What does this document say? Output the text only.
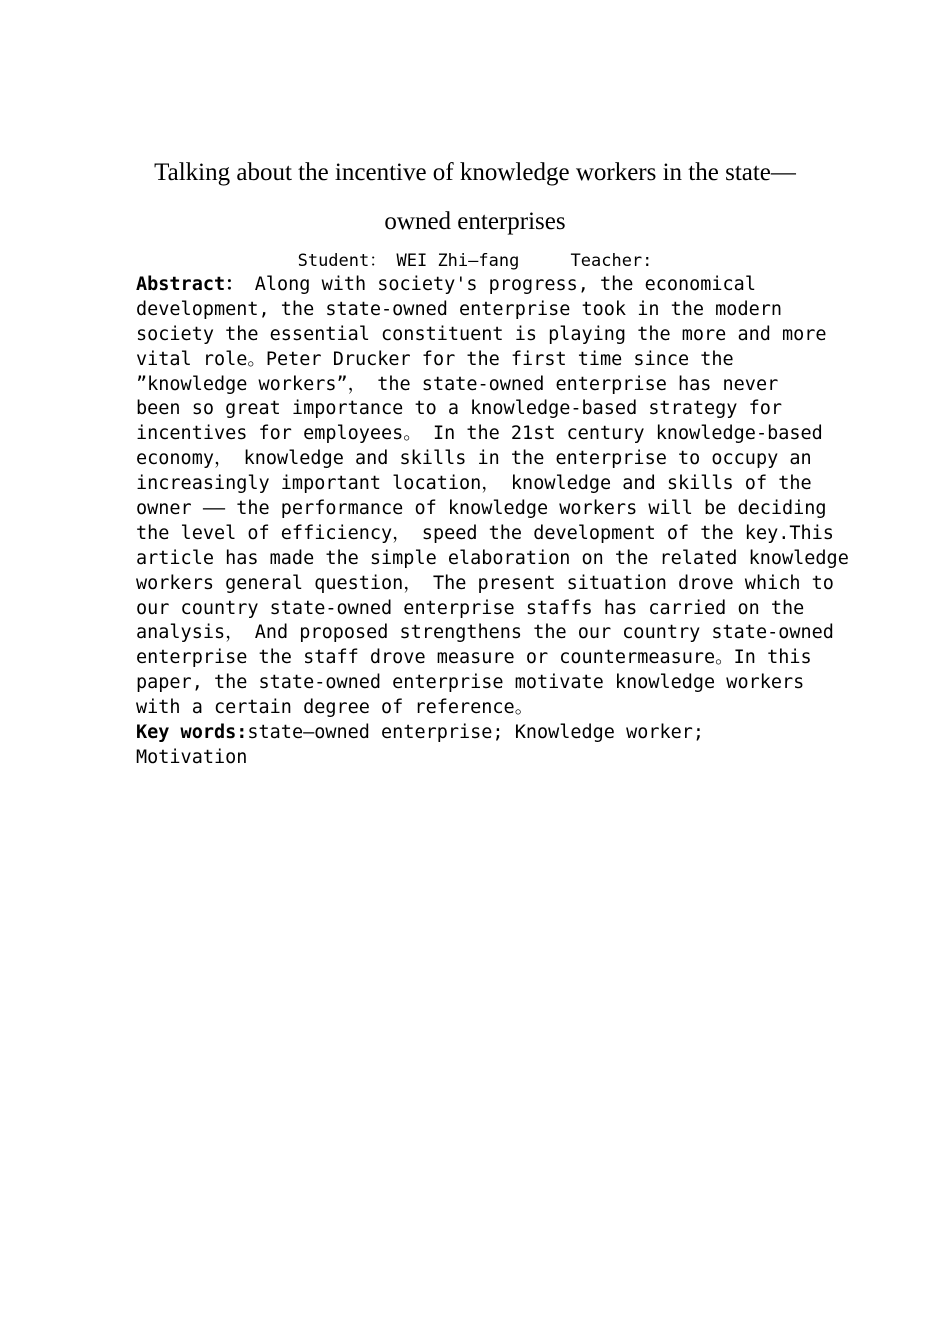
Talking about the incentive of knowledge workers in the state—
owned enterprises
Student： WEI Zhi—fang	Teacher:
Abstract： Along with society's progress, the economical
development, the state-owned enterprise took in the modern
society the essential constituent is playing the more and more
vital role。Peter Drucker for the first time since the
”knowledge workers”， the state-owned enterprise has never
been so great importance to a knowledge-based strategy for
incentives for employees。 In the 21st century knowledge-based
economy， knowledge and skills in the enterprise to occupy an
increasingly important location， knowledge and skills of the
owner —— the performance of knowledge workers will be deciding
the level of efficiency， speed the development of the key.This
article has made the simple elaboration on the related knowledge
workers general question， The present situation drove which to
our country state-owned enterprise staffs has carried on the
analysis， And proposed strengthens the our country state-owned
enterprise the staff drove measure or countermeasure。In this
paper, the state-owned enterprise motivate knowledge workers
with a certain degree of reference。
Key words:state—owned enterprise; Knowledge worker;
Motivation
